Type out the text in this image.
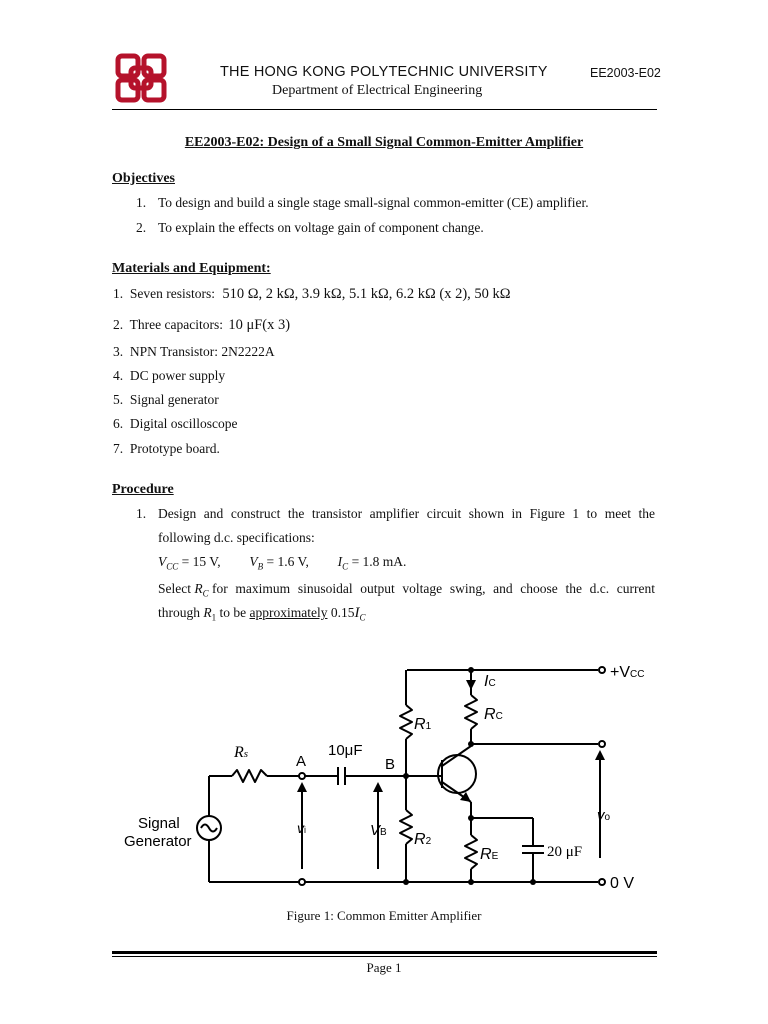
THE HONG KONG POLYTECHNIC UNIVERSITY	EE2003-E02
Department of Electrical Engineering
EE2003-E02: Design of a Small Signal Common-Emitter Amplifier
Objectives
1. To design and build a single stage small-signal common-emitter (CE) amplifier.
2. To explain the effects on voltage gain of component change.
Materials and Equipment:
1.  Seven resistors: 510 Ω, 2 kΩ, 3.9 kΩ, 5.1 kΩ, 6.2 kΩ (x 2), 50 kΩ
2.  Three capacitors: 10 μF(x 3)
3.  NPN Transistor: 2N2222A
4.  DC power supply
5.  Signal generator
6.  Digital oscilloscope
7.  Prototype board.
Procedure
1. Design and construct the transistor amplifier circuit shown in Figure 1 to meet the
following d.c. specifications:
$V_{CC} = 15$ V, $V_B = 1.6$ V, $I_C = 1.8$ mA.
Select
$R_C$
for maximum sinusoidal output voltage swing, and choose the d.c. current
through $R_1$ to be approximately $0.15I_C$
+VCC
IC
RC
R1
R2
RE
Rs	A	B
10μF
20 μF
vi	VB
vo
0 V
Signal
Generator
Figure 1: Common Emitter Amplifier
Page 1
